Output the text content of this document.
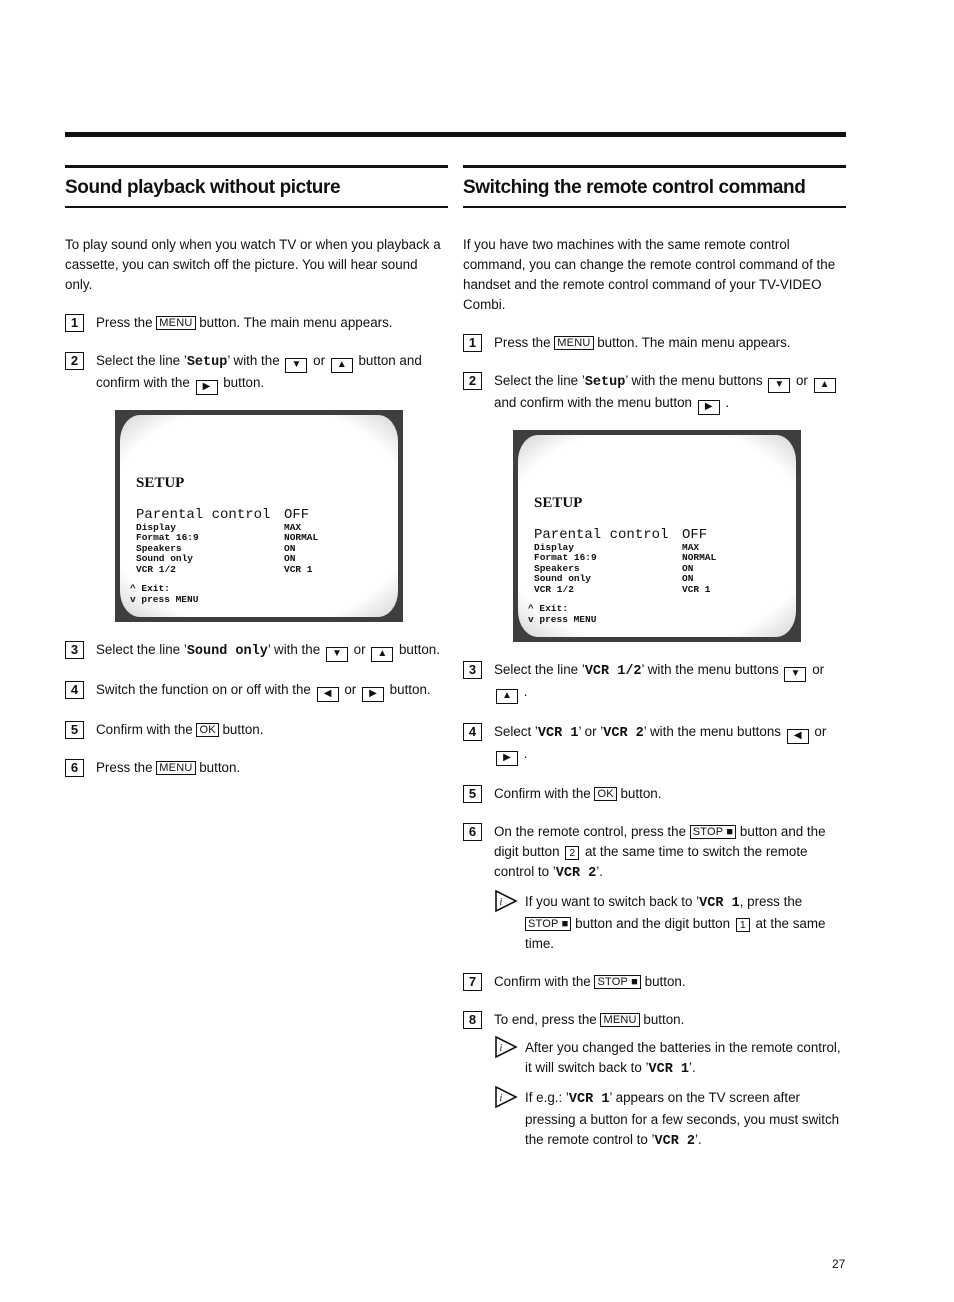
Sound playback without picture

To play sound only when you watch TV or when you playback a cassette, you can switch off the picture. You will hear sound only.

1	Press the MENU button. The main menu appears.
2	Select the line ’Setup’ with the ▼ or ▲ button and confirm with the ▶ button.
SETUP
Parental control OFF
Display	MAX
Format 16:9	NORMAL
Speakers	ON
Sound only	ON
VCR 1/2	VCR 1
^ Exit:
v press MENU
3	Select the line ’Sound only’ with the ▼ or ▲ button.
4	Switch the function on or off with the ◀ or ▶ button.
5	Confirm with the OK button.
6	Press the MENU button.
Switching the remote control command

If you have two machines with the same remote control command, you can change the remote control command of the handset and the remote control command of your TV-VIDEO Combi.

1	Press the MENU button. The main menu appears.
2	Select the line ’Setup’ with the menu buttons ▼ or ▲ and confirm with the menu button ▶ .
SETUP
Parental control OFF
Display	MAX
Format 16:9	NORMAL
Speakers	ON
Sound only	ON
VCR 1/2	VCR 1
^ Exit:
v press MENU
3	Select the line ’VCR 1/2’ with the menu buttons ▼ or ▲ .
4	Select ’VCR 1’ or ’VCR 2’ with the menu buttons ◀ or ▶ .
5	Confirm with the OK button.
6	On the remote control, press the STOP ■ button and the digit button 2 at the same time to switch the remote control to ’VCR 2’.
i If you want to switch back to ’VCR 1, press the STOP ■ button and the digit button 1 at the same time.
7	Confirm with the STOP ■ button.
8	To end, press the MENU button.
i After you changed the batteries in the remote control, it will switch back to ’VCR 1’.
i If e.g.: ’VCR 1’ appears on the TV screen after pressing a button for a few seconds, you must switch the remote control to ’VCR 2’.
27
